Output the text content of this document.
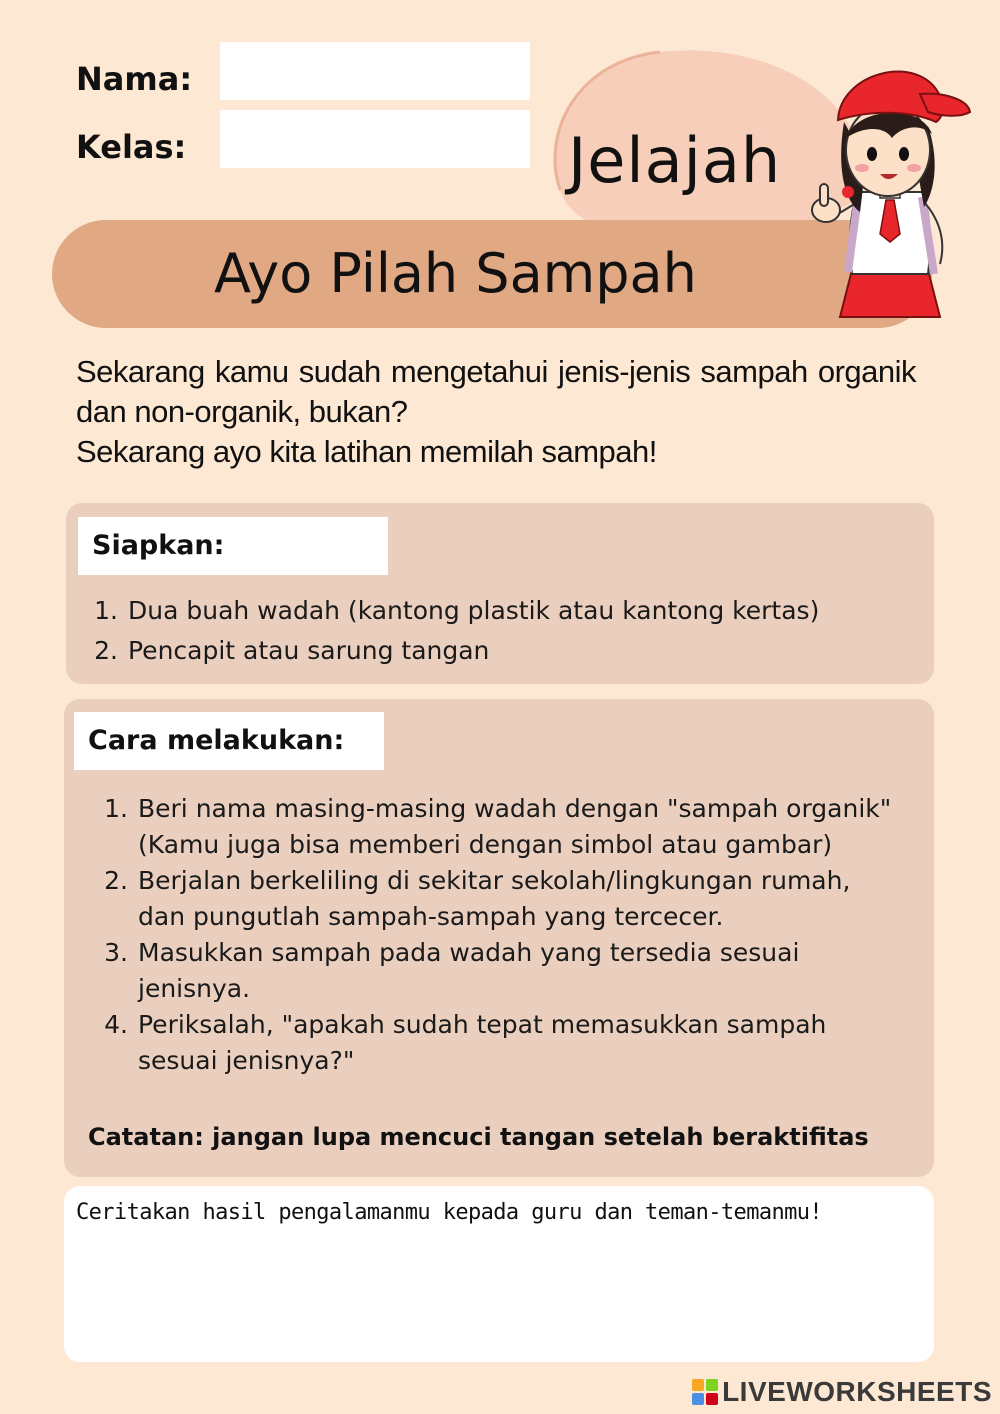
Nama:
Kelas:	Jelajah
Ayo Pilah Sampah

Sekarang kamu sudah mengetahui jenis-jenis sampah organik dan non-organik, bukan?

Sekarang ayo kita latihan memilah sampah!

Siapkan:
1. Dua buah wadah (kantong plastik atau kantong kertas)
2. Pencapit atau sarung tangan
Cara melakukan:
1. Beri nama masing-masing wadah dengan "sampah organik" (Kamu juga bisa memberi dengan simbol atau gambar)
2. Berjalan berkeliling di sekitar sekolah/lingkungan rumah, dan pungutlah sampah-sampah yang tercecer.
3. Masukkan sampah pada wadah yang tersedia sesuai jenisnya.
4. Periksalah, "apakah sudah tepat memasukkan sampah sesuai jenisnya?"
Catatan: jangan lupa mencuci tangan setelah beraktifitas
Ceritakan hasil pengalamanmu kepada guru dan teman-temanmu!
LIVEWORKSHEETS
